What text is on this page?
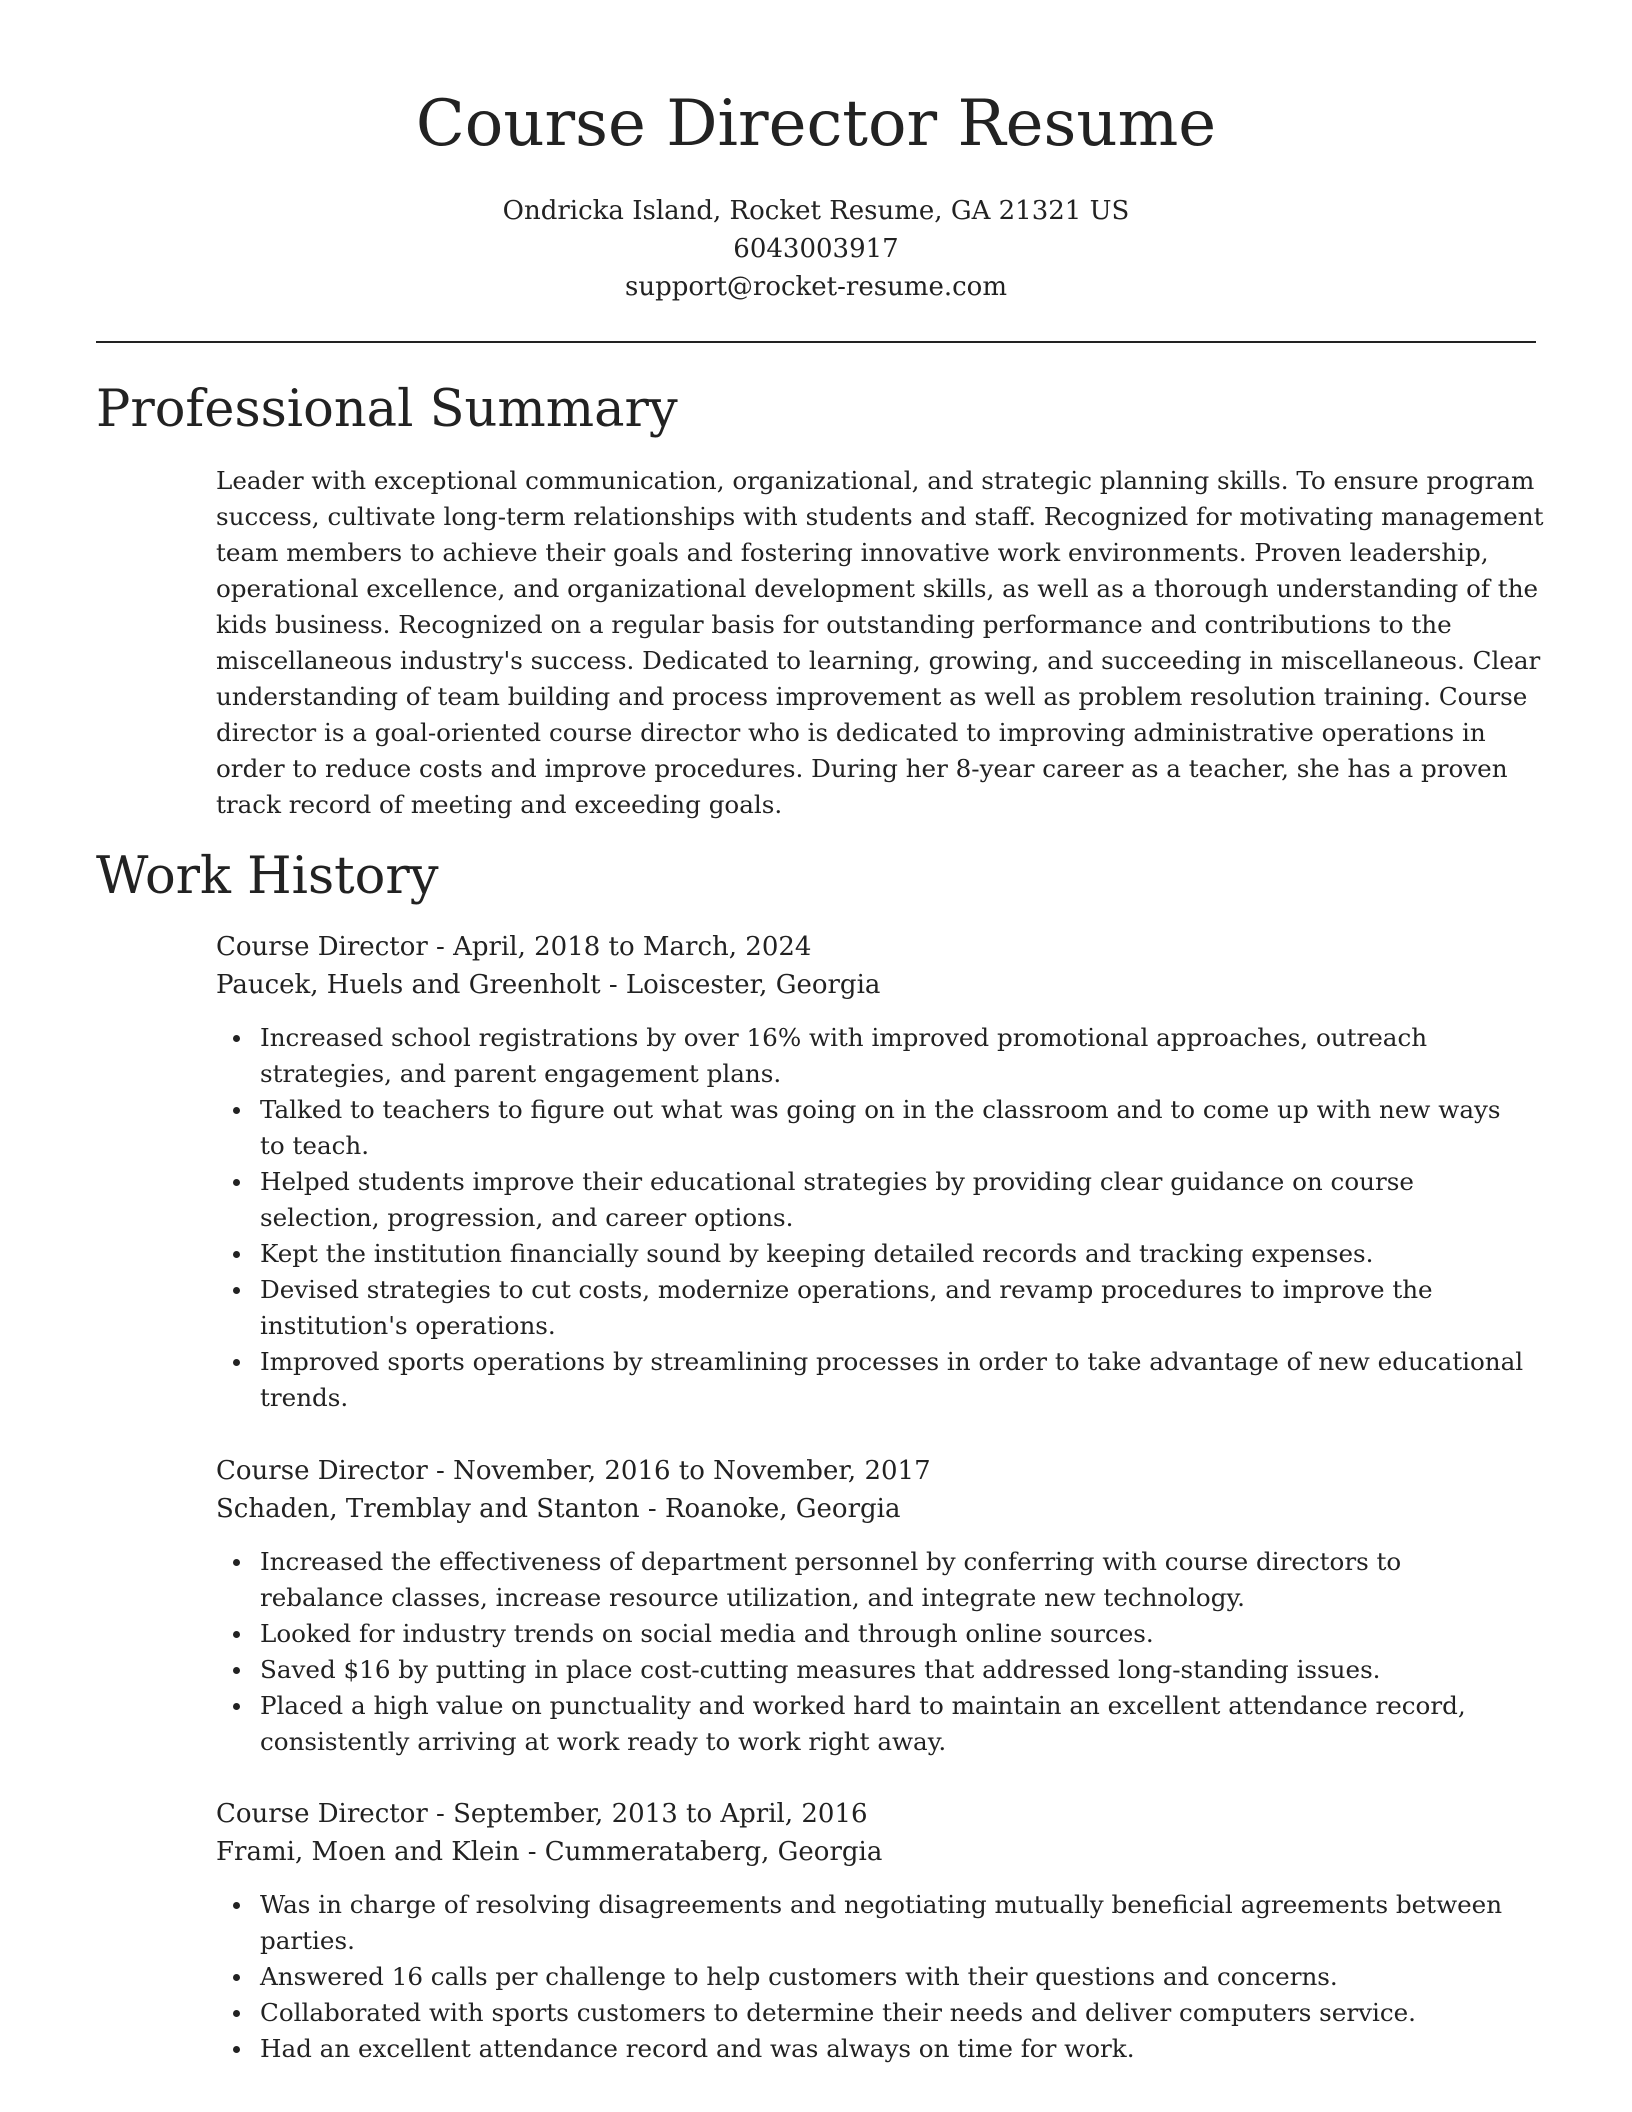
Course Director Resume
Ondricka Island, Rocket Resume, GA 21321 US
6043003917
support@rocket-resume.com
Professional Summary

Leader with exceptional communication, organizational, and strategic planning skills. To ensure program success, cultivate long-term relationships with students and staff. Recognized for motivating management team members to achieve their goals and fostering innovative work environments. Proven leadership, operational excellence, and organizational development skills, as well as a thorough understanding of the kids business. Recognized on a regular basis for outstanding performance and contributions to the miscellaneous industry's success. Dedicated to learning, growing, and succeeding in miscellaneous. Clear understanding of team building and process improvement as well as problem resolution training. Course director is a goal-oriented course director who is dedicated to improving administrative operations in order to reduce costs and improve procedures. During her 8-year career as a teacher, she has a proven track record of meeting and exceeding goals.

Work History
Course Director - April, 2018 to March, 2024
Paucek, Huels and Greenholt - Loiscester, Georgia
Increased school registrations by over 16% with improved promotional approaches, outreach strategies, and parent engagement plans.
Talked to teachers to figure out what was going on in the classroom and to come up with new ways to teach.
Helped students improve their educational strategies by providing clear guidance on course selection, progression, and career options.
Kept the institution financially sound by keeping detailed records and tracking expenses.
Devised strategies to cut costs, modernize operations, and revamp procedures to improve the institution's operations.
Improved sports operations by streamlining processes in order to take advantage of new educational trends.
Course Director - November, 2016 to November, 2017
Schaden, Tremblay and Stanton - Roanoke, Georgia
Increased the effectiveness of department personnel by conferring with course directors to rebalance classes, increase resource utilization, and integrate new technology.
Looked for industry trends on social media and through online sources.
Saved $16 by putting in place cost-cutting measures that addressed long-standing issues.
Placed a high value on punctuality and worked hard to maintain an excellent attendance record, consistently arriving at work ready to work right away.
Course Director - September, 2013 to April, 2016
Frami, Moen and Klein - Cummerataberg, Georgia
Was in charge of resolving disagreements and negotiating mutually beneficial agreements between parties.
Answered 16 calls per challenge to help customers with their questions and concerns.
Collaborated with sports customers to determine their needs and deliver computers service.
Had an excellent attendance record and was always on time for work.
